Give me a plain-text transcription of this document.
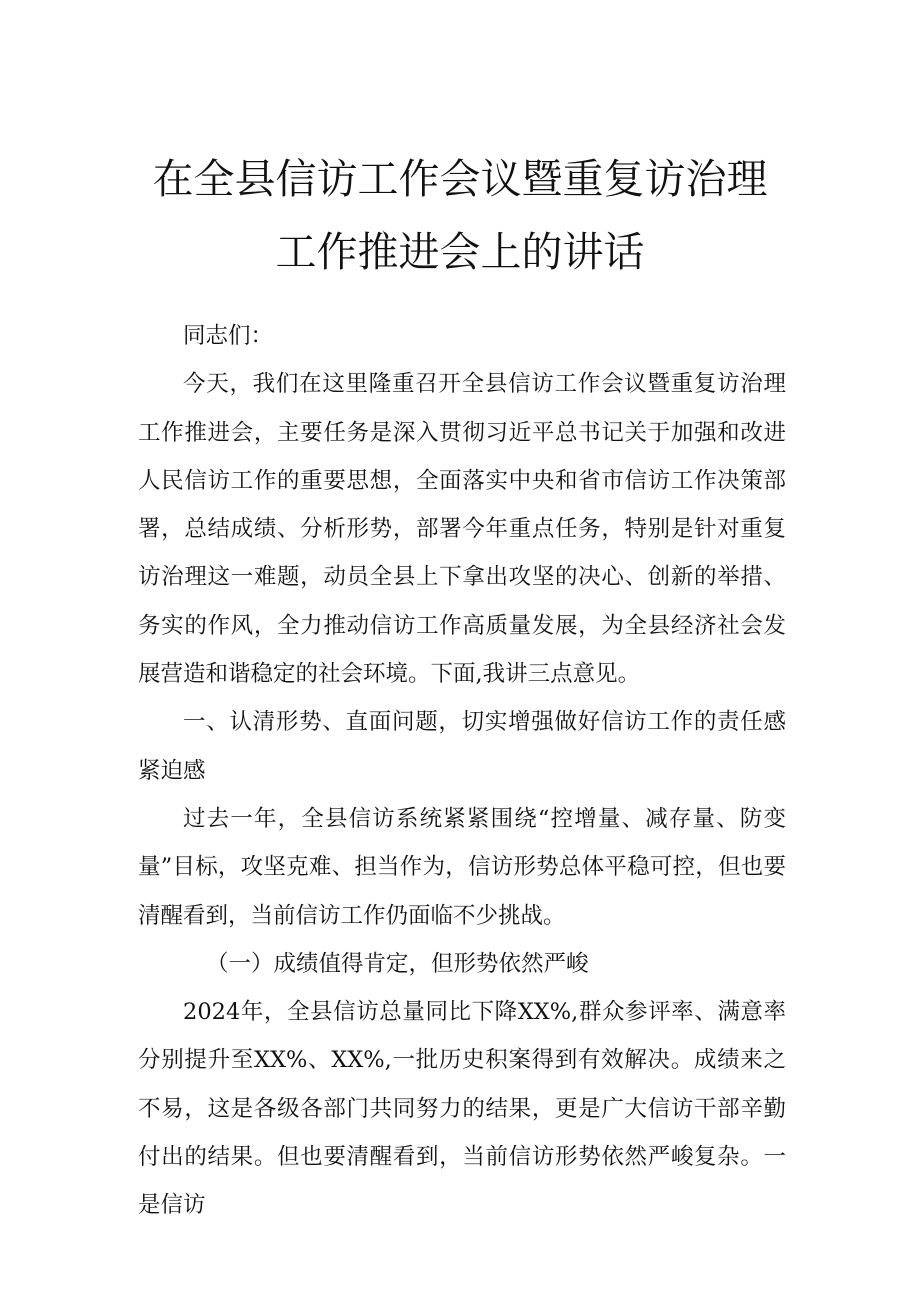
在全县信访工作会议暨重复访治理
工作推进会上的讲话

同志们：

今天，我们在这里隆重召开全县信访工作会议暨重复访治理工作推进会，主要任务是深入贯彻习近平总书记关于加强和改进人民信访工作的重要思想，全面落实中央和省市信访工作决策部署，总结成绩、分析形势，部署今年重点任务，特别是针对重复访治理这一难题，动员全县上下拿出攻坚的决心、创新的举措、务实的作风，全力推动信访工作高质量发展，为全县经济社会发展营造和谐稳定的社会环境。下面,我讲三点意见。

一、认清形势、直面问题，切实增强做好信访工作的责任感紧迫感

过去一年，全县信访系统紧紧围绕“控增量、减存量、防变量”目标，攻坚克难、担当作为，信访形势总体平稳可控，但也要清醒看到，当前信访工作仍面临不少挑战。

（一）成绩值得肯定，但形势依然严峻

2024年，全县信访总量同比下降XX%,群众参评率、满意率分别提升至XX%、XX%,一批历史积案得到有效解决。成绩来之不易，这是各级各部门共同努力的结果，更是广大信访干部辛勤付出的结果。但也要清醒看到，当前信访形势依然严峻复杂。一是信访
